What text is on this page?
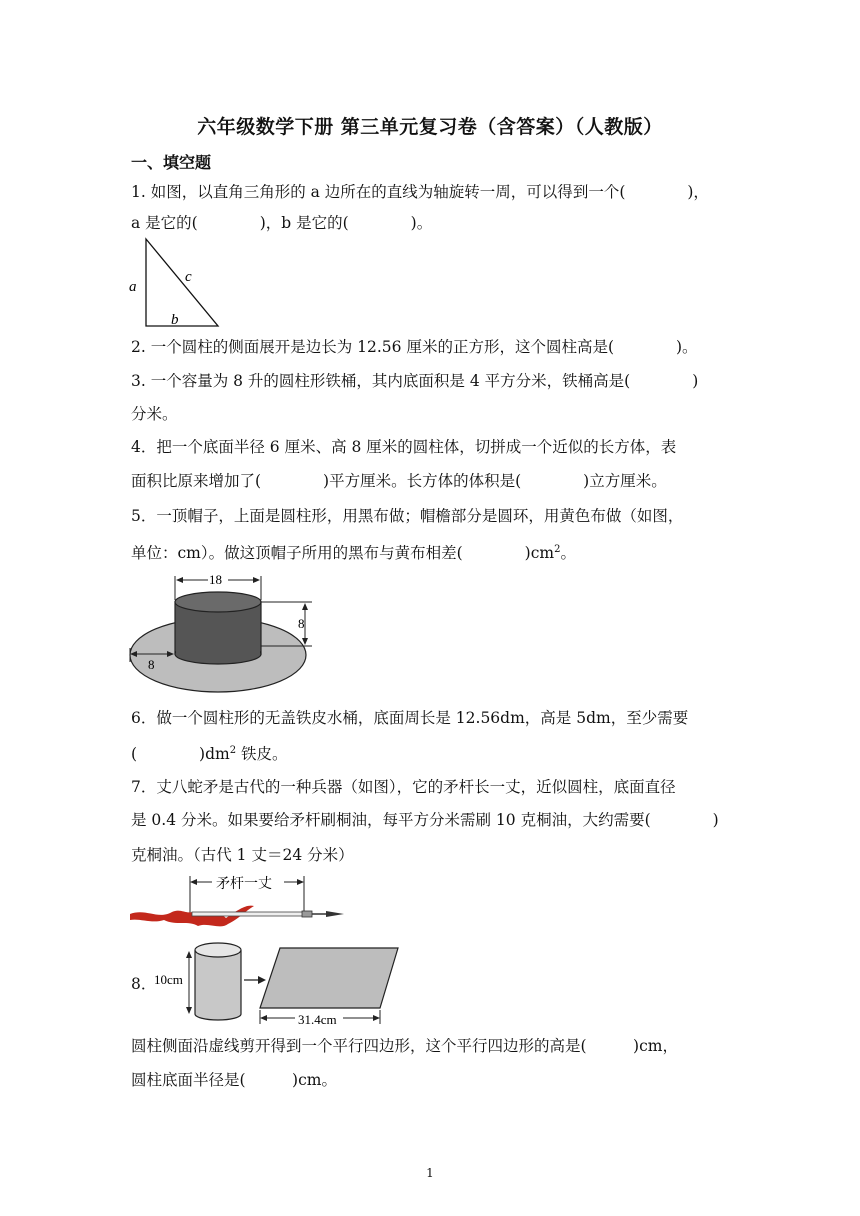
六年级数学下册 第三单元复习卷（含答案）（人教版）
一、填空题
1. 如图，以直角三角形的 a 边所在的直线为轴旋转一周，可以得到一个(　　　　)，
a 是它的(　　　　)，b 是它的(　　　　)。
a
c
b
2. 一个圆柱的侧面展开是边长为 12.56 厘米的正方形，这个圆柱高是(　　　　)。
3. 一个容量为 8 升的圆柱形铁桶，其内底面积是 4 平方分米，铁桶高是(　　　　)
分米。
4．把一个底面半径 6 厘米、高 8 厘米的圆柱体，切拼成一个近似的长方体，表
面积比原来增加了(　　　　)平方厘米。长方体的体积是(　　　　)立方厘米。
5．一顶帽子，上面是圆柱形，用黑布做；帽檐部分是圆环，用黄色布做（如图，
单位：cm）。做这顶帽子所用的黑布与黄布相差(　　　　)$cm^2$。
18
8
8
6．做一个圆柱形的无盖铁皮水桶，底面周长是 12.56dm，高是 5dm，至少需要
(　　　　)$dm^2$ 铁皮。
7．丈八蛇矛是古代的一种兵器（如图），它的矛杆长一丈，近似圆柱，底面直径
是 0.4 分米。如果要给矛杆刷桐油，每平方分米需刷 10 克桐油，大约需要(　　　　)
克桐油。（古代 1 丈＝24 分米）
矛杆一丈
8．
10cm
31.4cm
圆柱侧面沿虚线剪开得到一个平行四边形，这个平行四边形的高是(　　　)cm，
圆柱底面半径是(　　　)cm。
1
